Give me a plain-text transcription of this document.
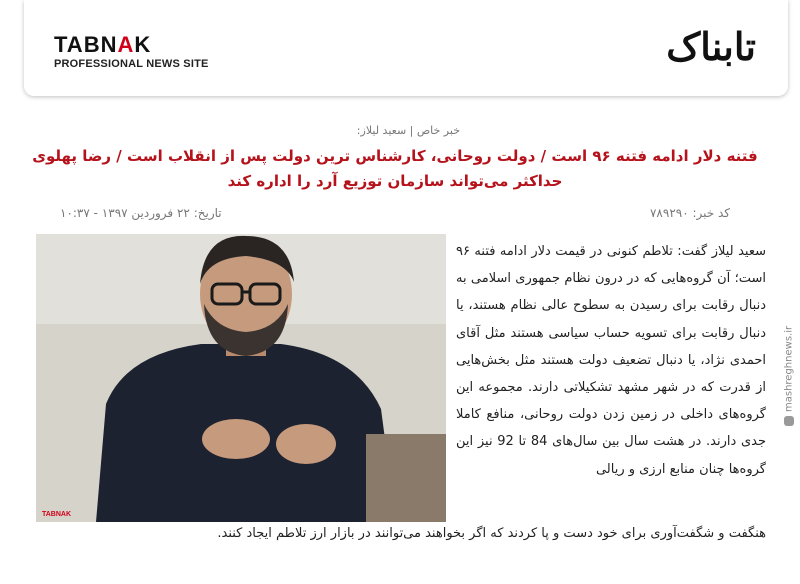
TABNAK
PROFESSIONAL NEWS SITE	تابناک
mashreghnews.ir
خبر خاص | سعید لیلاز:
فتنه دلار ادامه فتنه ۹۶ است / دولت روحانی، کارشناس ترین دولت پس از انقلاب است / رضا پهلوی حداکثر می‌تواند سازمان توزیع آرد را اداره کند
تاریخ: ۲۲ فروردین ۱۳۹۷ - ۱۰:۳۷	کد خبر: ۷۸۹۲۹۰
TABNAK
سعید لیلاز گفت: تلاطم کنونی در قیمت دلار ادامه فتنه ۹۶ است؛ آن گروه‌هایی که در درون نظام جمهوری اسلامی به دنبال رقابت برای رسیدن به سطوح عالی نظام هستند، یا دنبال رقابت برای تسویه حساب سیاسی هستند مثل آقای احمدی نژاد، یا دنبال تضعیف دولت هستند مثل بخش‌هایی از قدرت که در شهر مشهد تشکیلاتی دارند. مجموعه این گروه‌های داخلی در زمین زدن دولت روحانی، منافع کاملا جدی دارند. در هشت سال بین سال‌های 84 تا 92 نیز این گروه‌ها چنان منابع ارزی و ریالی
هنگفت و شگفت‌آوری برای خود دست و پا کردند که اگر بخواهند می‌توانند در بازار ارز تلاطم ایجاد کنند.
